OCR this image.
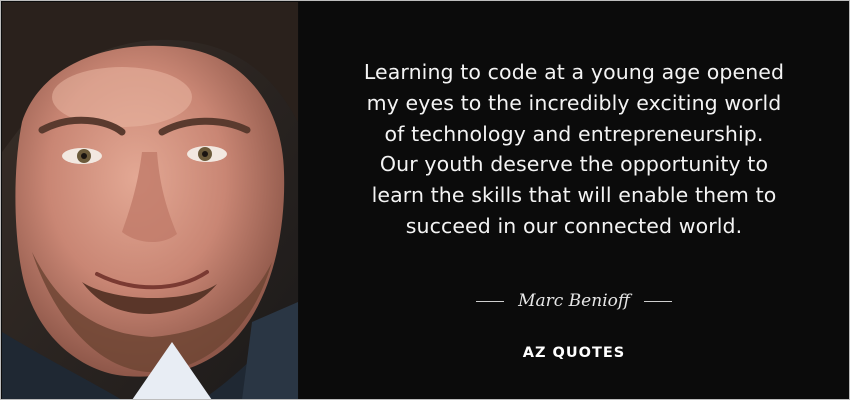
Learning to code at a young age opened
my eyes to the incredibly exciting world
of technology and entrepreneurship.
Our youth deserve the opportunity to
learn the skills that will enable them to
succeed in our connected world.

Marc Benioff
AZ QUOTES
